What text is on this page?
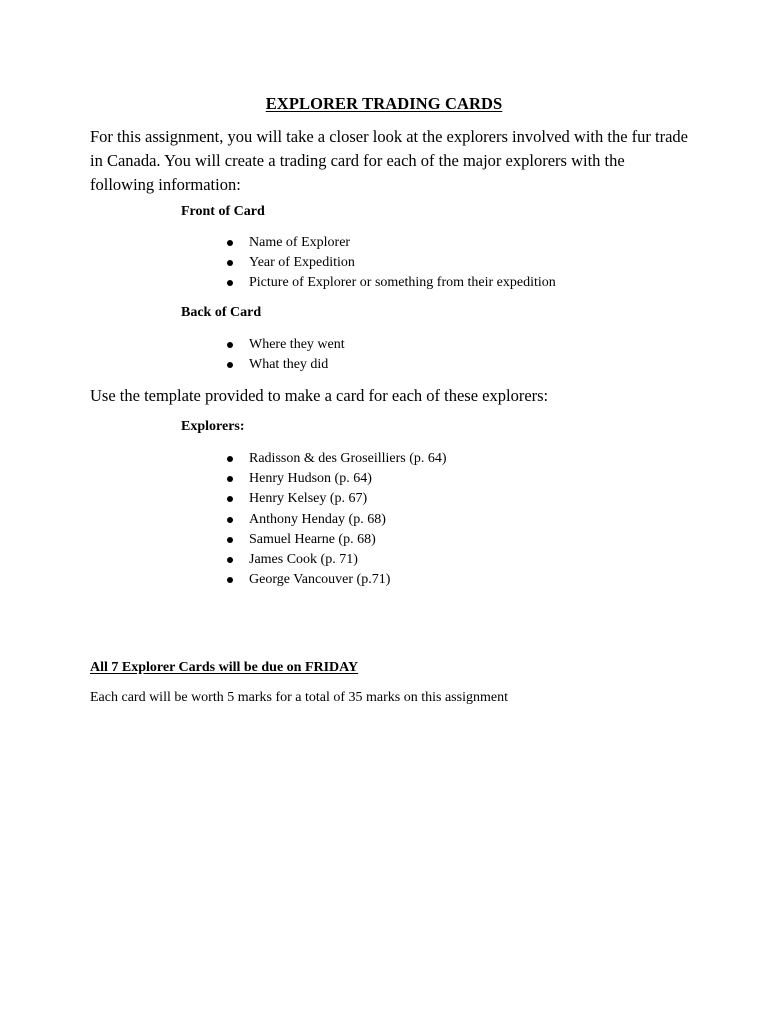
EXPLORER TRADING CARDS

For this assignment, you will take a closer look at the explorers involved with the fur trade in Canada. You will create a trading card for each of the major explorers with the following information:

Front of Card

Name of Explorer
Year of Expedition
Picture of Explorer or something from their expedition

Back of Card

Where they went
What they did

Use the template provided to make a card for each of these explorers:

Explorers:

Radisson & des Groseilliers (p. 64)
Henry Hudson (p. 64)
Henry Kelsey (p. 67)
Anthony Henday (p. 68)
Samuel Hearne (p. 68)
James Cook (p. 71)
George Vancouver (p.71)

All 7 Explorer Cards will be due on FRIDAY

Each card will be worth 5 marks for a total of 35 marks on this assignment
